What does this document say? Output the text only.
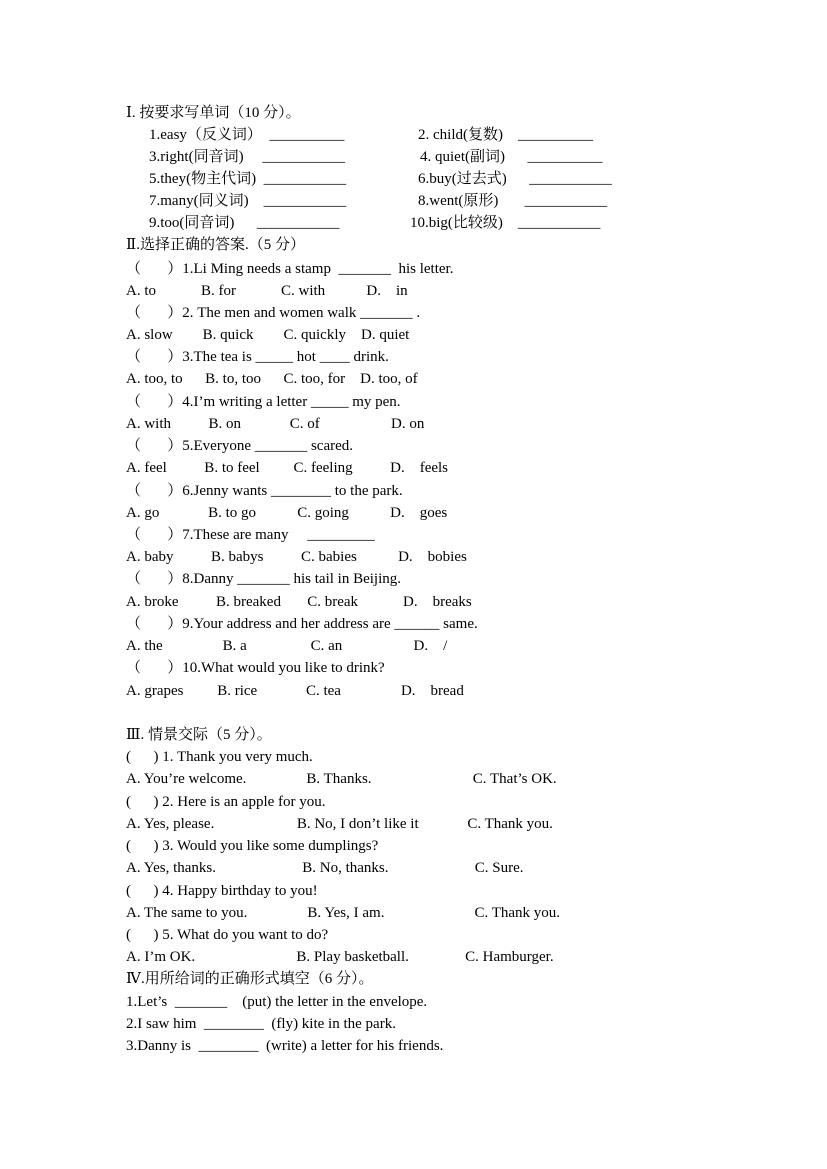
Ⅰ. 按要求写单词（10 分）。
1.easy（反义词）  __________	2. child(复数)    __________
3.right(同音词)     ___________	4. quiet(副词)      __________
5.they(物主代词)  ___________	6.buy(过去式)      ___________
7.many(同义词)    ___________	8.went(原形)       ___________
9.too(同音词)      ___________	10.big(比较级)    ___________
Ⅱ.选择正确的答案.（5 分）
（       ）1.Li Ming needs a stamp  _______  his letter.
A. to            B. for            C. with           D.    in
（       ）2. The men and women walk _______ .
A. slow        B. quick        C. quickly    D. quiet
（       ）3.The tea is _____ hot ____ drink.
A. too, to      B. to, too      C. too, for    D. too, of
（       ）4.I’m writing a letter _____ my pen.
A. with          B. on             C. of                   D. on
（       ）5.Everyone _______ scared.
A. feel          B. to feel         C. feeling          D.    feels
（       ）6.Jenny wants ________ to the park.
A. go             B. to go           C. going           D.    goes
（       ）7.These are many     _________
A. baby          B. babys          C. babies           D.    bobies
（       ）8.Danny _______ his tail in Beijing.
A. broke          B. breaked       C. break            D.    breaks
（       ）9.Your address and her address are ______ same.
A. the                B. a                 C. an                   D.    /
（       ）10.What would you like to drink?
A. grapes         B. rice             C. tea                D.    bread
Ⅲ. 情景交际（5 分）。
(      ) 1. Thank you very much.
A. You’re welcome.                B. Thanks.                           C. That’s OK.
(      ) 2. Here is an apple for you.
A. Yes, please.                      B. No, I don’t like it             C. Thank you.
(      ) 3. Would you like some dumplings?
A. Yes, thanks.                       B. No, thanks.                       C. Sure.
(      ) 4. Happy birthday to you!
A. The same to you.                B. Yes, I am.                        C. Thank you.
(      ) 5. What do you want to do?
A. I’m OK.                           B. Play basketball.               C. Hamburger.
Ⅳ.用所给词的正确形式填空（6 分）。
1.Let’s  _______    (put) the letter in the envelope.
2.I saw him  ________  (fly) kite in the park.
3.Danny is  ________  (write) a letter for his friends.
